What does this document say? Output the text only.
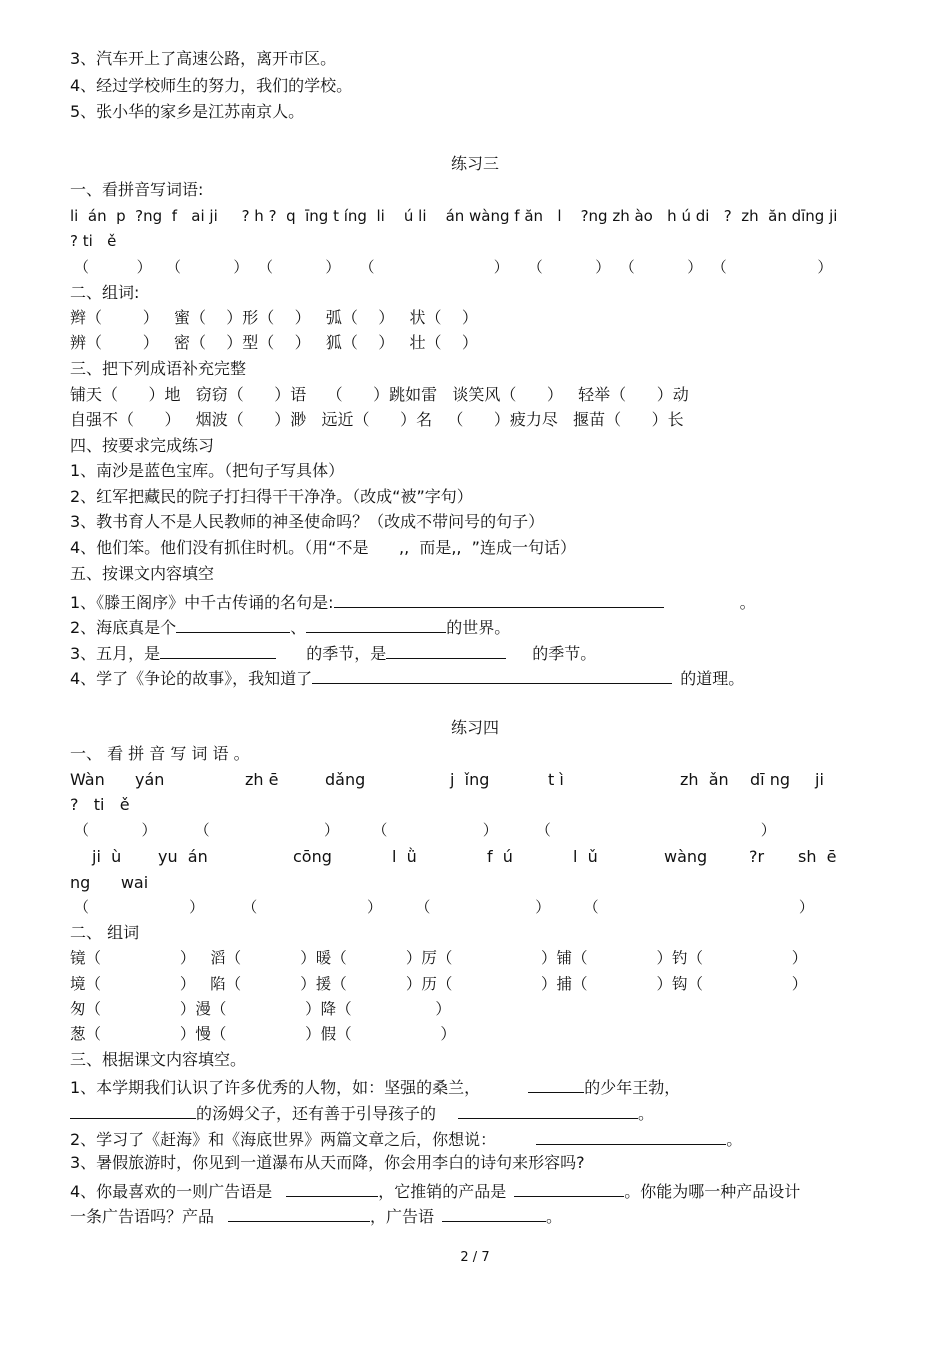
3、汽车开上了高速公路，离开市区。
4、经过学校师生的努力，我们的学校。
5、张小华的家乡是江苏南京人。
练习三
一、看拼音写词语:
li  án  p  ?ng  f   ai ji     ? h ?  q  īng t íng  li    ú li    án wàng f ăn   l    ?ng zh ào   h ú di   ?  zh  ăn dīng ji
? ti   ě
（          ）   （           ）  （           ）    （                         ）    （           ）  （           ）  （                   ）
二、组词:
辫（        ）   蜜（    ）形（    ）   弧（    ）   状（    ）
辨（        ）   密（    ）型（    ）   狐（    ）   壮（    ）
三、把下列成语补充完整
铺天（      ）地   窃窃（      ）语    （      ）跳如雷   谈笑风（      ）   轻举（      ）动
自强不（      ）   烟波（      ）渺   远近（      ）名   （      ）疲力尽   揠苗（      ）长
四、按要求完成练习
1、南沙是蓝色宝库。（把句子写具体）
2、红军把藏民的院子打扫得干干净净。（改成“被”字句）
3、教书育人不是人民教师的神圣使命吗？（改成不带问号的句子）
4、他们笨。他们没有抓住时机。（用“不是      ,,  而是,,  ”连成一句话）
五、按课文内容填空
1、《滕王阁序》中千古传诵的名句是:	。
2、海底真是个	、	的世界。
3、五月，是	的季节，是	的季节。
4、学了《争论的故事》，我知道了	的道理。
练习四
一、 看 拼 音 写 词 语 。
Wàn yán	zh ē	dǎng	j  ǐng	t ì	zh  ǎn dī ng ji
?   ti   ě
（           ）        （                        ）       （                    ）        （                                            ）
ji  ù yu  án	cōng	l  ǜ	f  ú	l  ǔ	wàng	?r sh  ē
ng      wai
（                     ）        （                       ）       （                      ）       （                                          ）
二、 组词
镜（                ）   滔（            ）暖（            ）厉（                  ）铺（              ）钓（                  ）
境（                ）   陷（            ）援（            ）历（                  ）捕（              ）钩（                  ）
匆（                ）漫（                ）降（                 ）
葱（                ）慢（                ）假（                  ）
三、根据课文内容填空。
1、本学期我们认识了许多优秀的人物，如：坚强的桑兰，	的少年王勃，
的汤姆父子，还有善于引导孩子的	。
2、学习了《赶海》和《海底世界》两篇文章之后，你想说：	。
3、暑假旅游时，你见到一道瀑布从天而降，你会用李白的诗句来形容吗?
4、你最喜欢的一则广告语是	，它推销的产品是	。你能为哪一种产品设计
一条广告语吗？产品	，广告语	。
2 / 7
